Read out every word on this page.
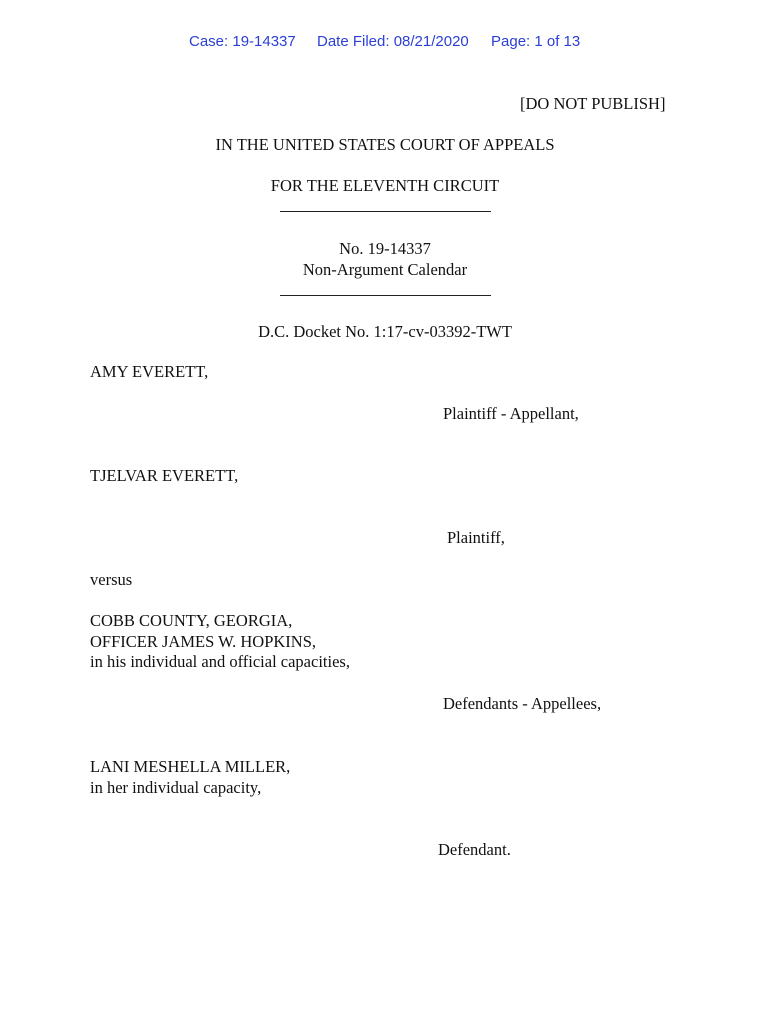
Case: 19-14337 Date Filed: 08/21/2020 Page: 1 of 13
[DO NOT PUBLISH]
IN THE UNITED STATES COURT OF APPEALS
FOR THE ELEVENTH CIRCUIT
No. 19-14337
Non-Argument Calendar
D.C. Docket No. 1:17-cv-03392-TWT
AMY EVERETT,
Plaintiff - Appellant,
TJELVAR EVERETT,
Plaintiff,
versus
COBB COUNTY, GEORGIA,
OFFICER JAMES W. HOPKINS,
in his individual and official capacities,
Defendants - Appellees,
LANI MESHELLA MILLER,
in her individual capacity,
Defendant.
